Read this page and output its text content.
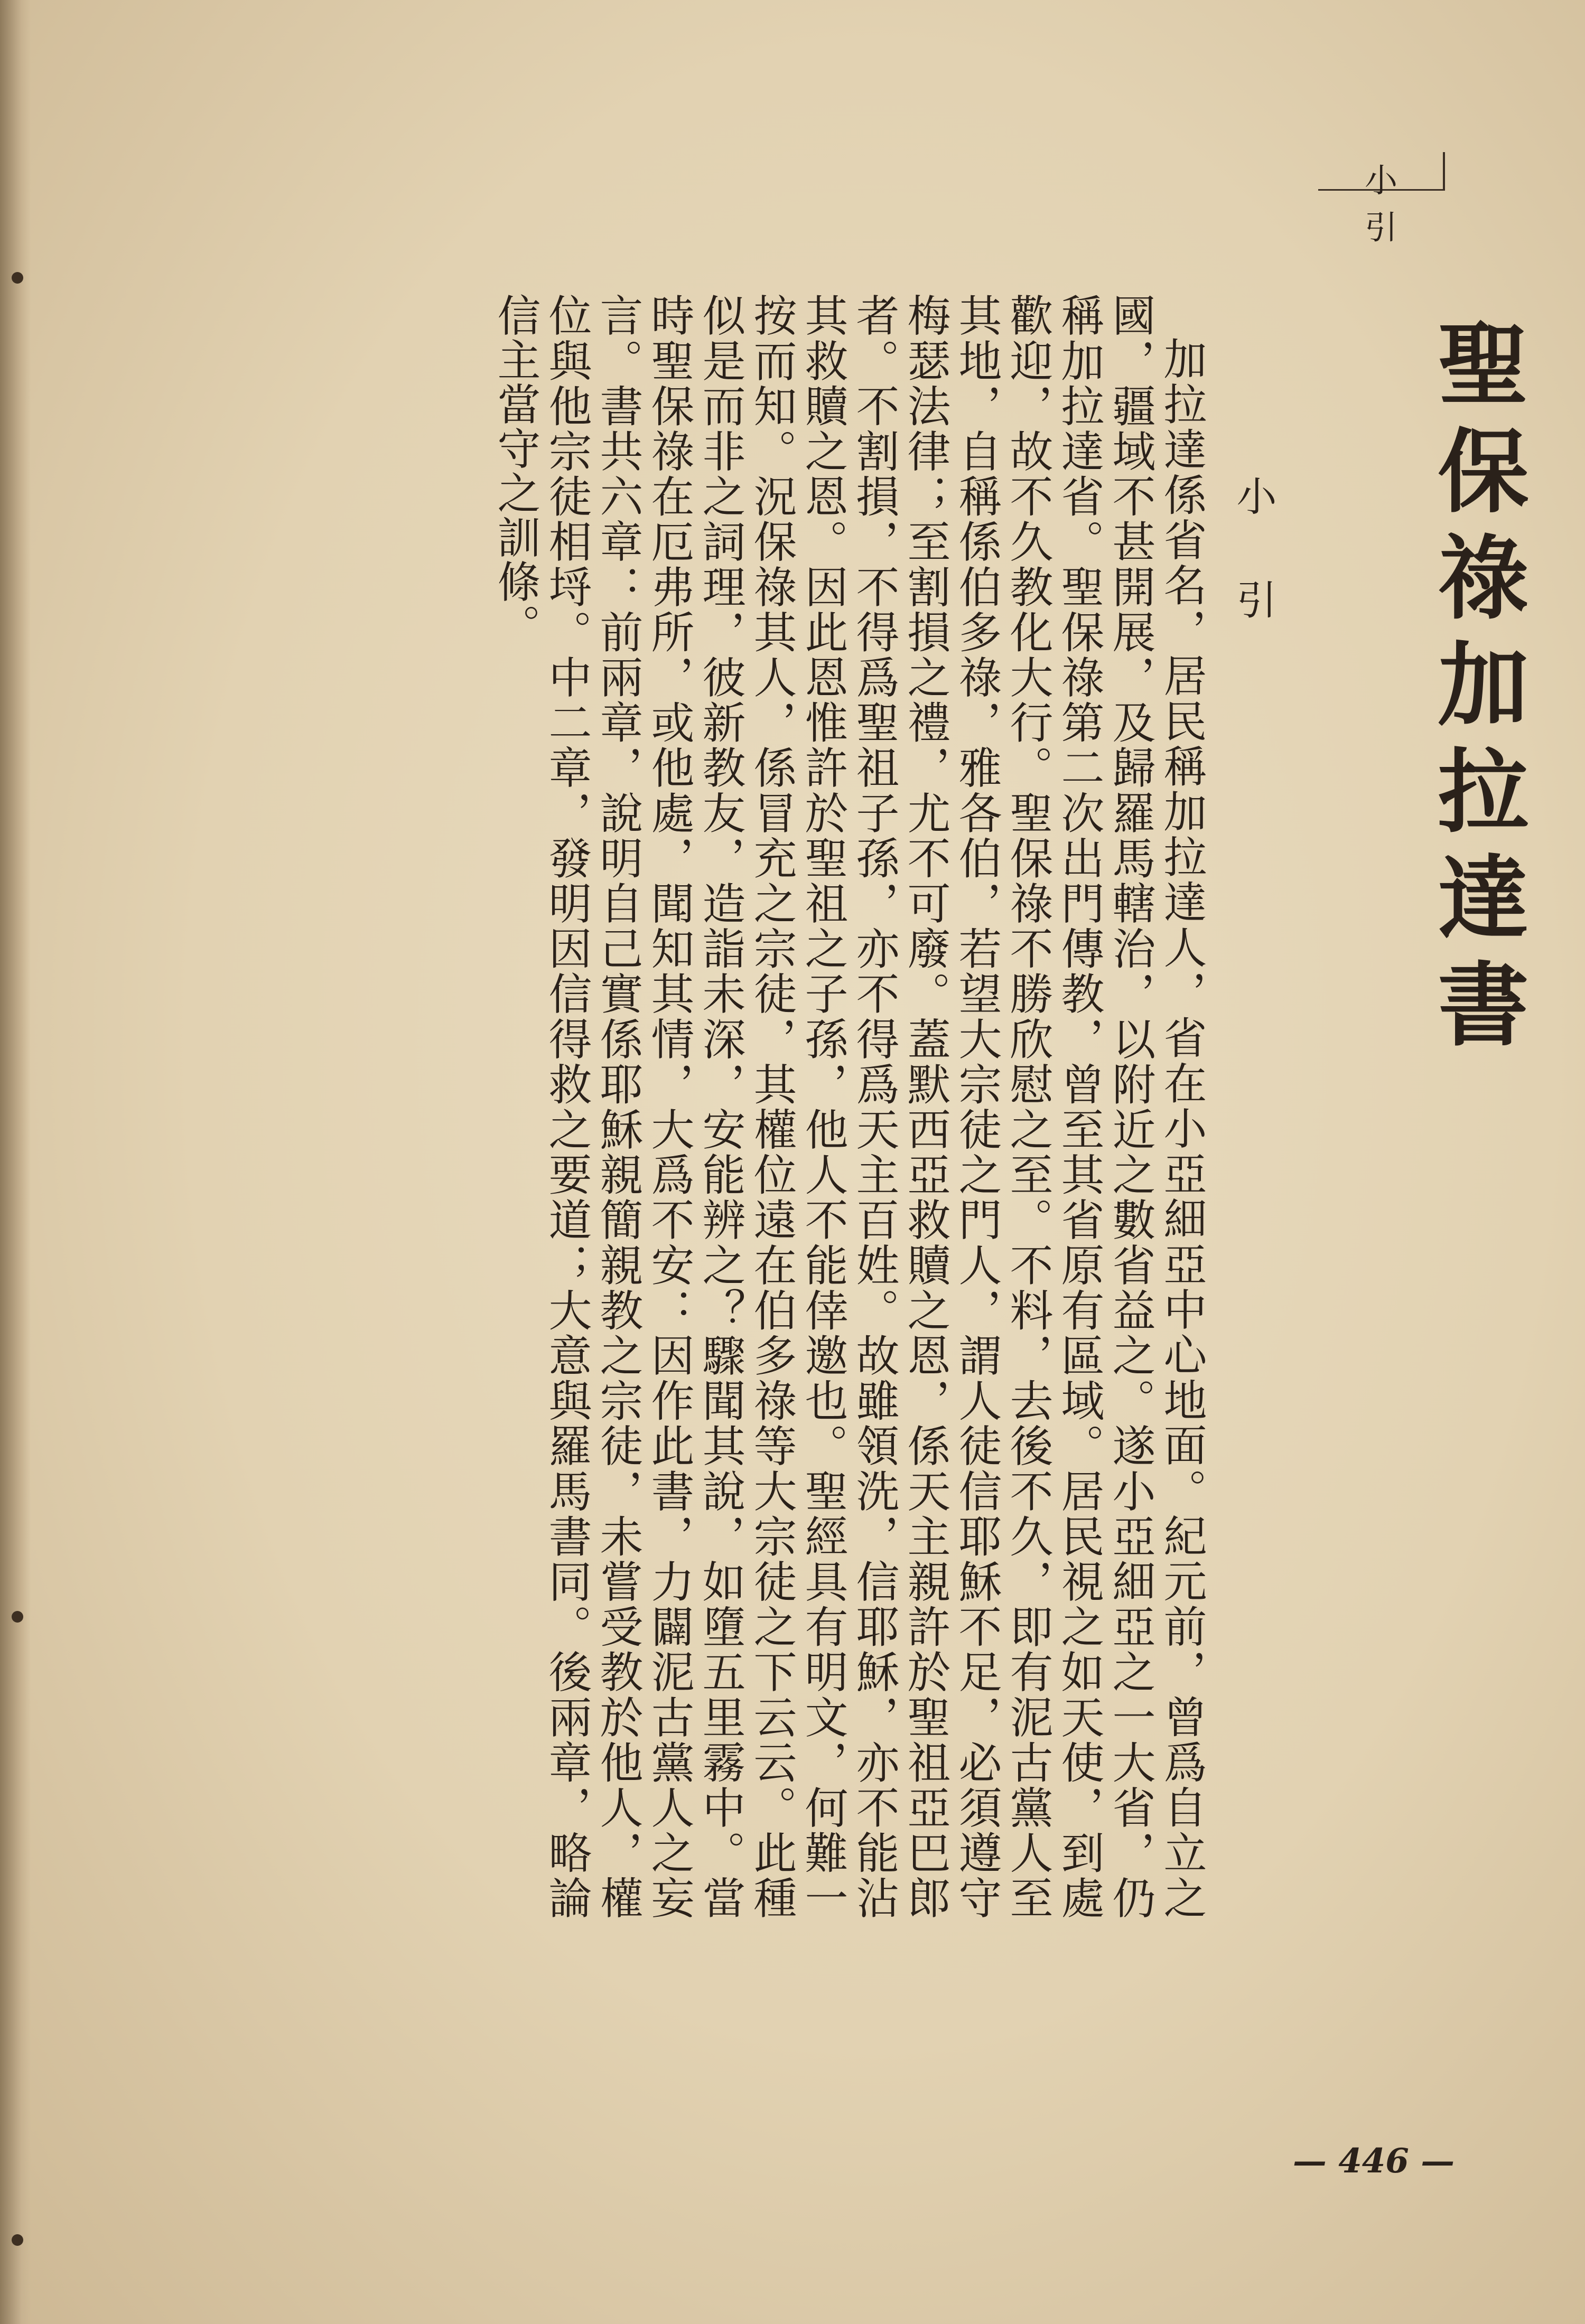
小引
聖保祿加拉達書
小引

加拉達係省名，居民稱加拉達人，省在小亞細亞中心地面。紀元前，曾爲自立之國，疆域不甚開展，及歸羅馬轄治，以附近之數省益之。遂小亞細亞之一大省，仍稱加拉達省。聖保祿第二次出門傳教，曾至其省原有區域。居民視之如天使，到處歡迎，故不久教化大行。聖保祿不勝欣慰之至。不料，去後不久，即有泥古黨人至其地，自稱係伯多祿，雅各伯，若望大宗徒之門人，謂人徒信耶穌不足，必須遵守梅瑟法律；至割損之禮，尤不可廢。蓋默西亞救贖之恩，係天主親許於聖祖亞巴郎者。不割損，不得爲聖祖子孫，亦不得爲天主百姓。故雖領洗，信耶穌，亦不能沾其救贖之恩。因此恩惟許於聖祖之子孫，他人不能倖邀也。聖經具有明文，何難一按而知。況保祿其人，係冒充之宗徒，其權位遠在伯多祿等大宗徒之下云云。此種似是而非之詞理，彼新教友，造詣未深，安能辨之？驟聞其說，如墮五里霧中。當時聖保祿在厄弗所，或他處，聞知其情，大爲不安：因作此書，力闢泥古黨人之妄言。書共六章：前兩章，說明自己實係耶穌親簡親教之宗徒，未嘗受教於他人，權位與他宗徒相埒。中二章，發明因信得救之要道；大意與羅馬書同。後兩章，略論信主當守之訓條。

— 446 —
